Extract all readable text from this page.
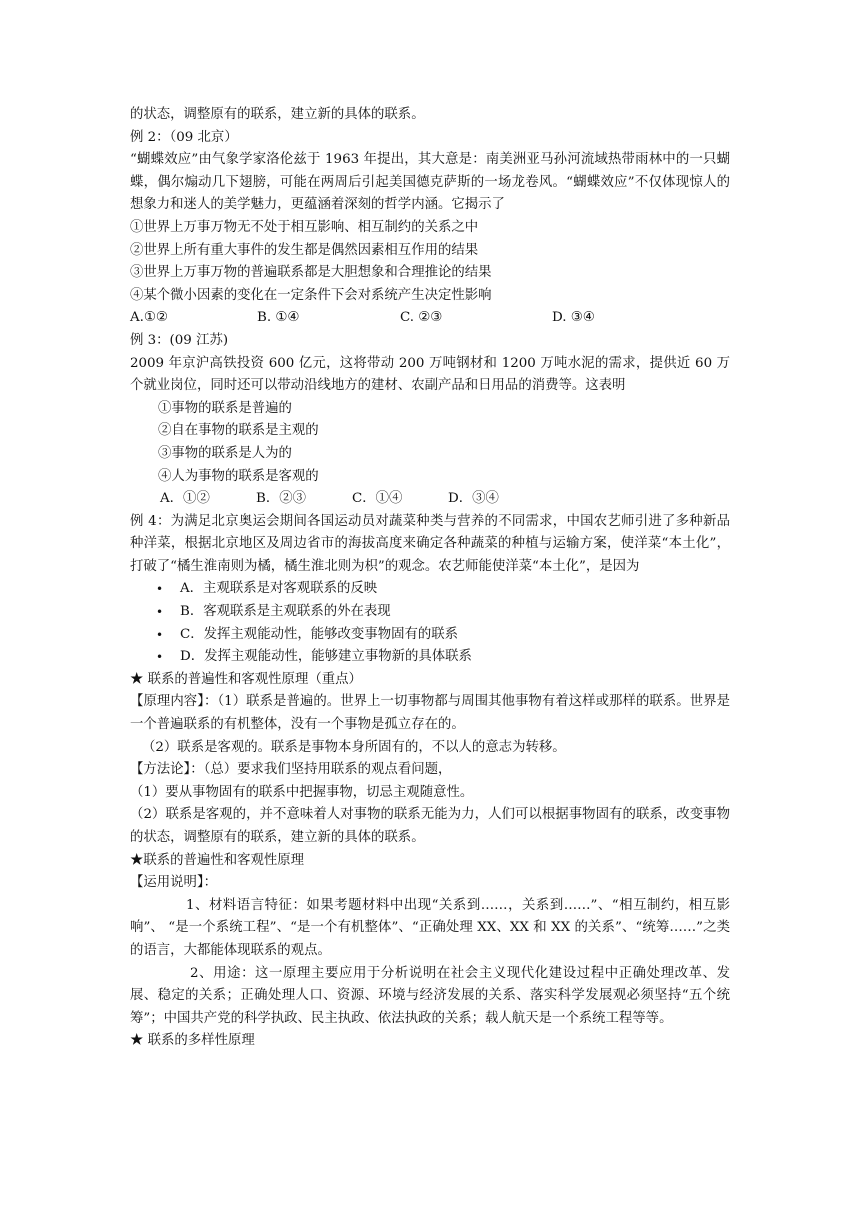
的状态，调整原有的联系，建立新的具体的联系。
例 2：（09 北京）
“蝴蝶效应”由气象学家洛伦兹于 1963 年提出，其大意是：南美洲亚马孙河流域热带雨林中的一只蝴蝶，偶尔煽动几下翅膀，可能在两周后引起美国德克萨斯的一场龙卷风。“蝴蝶效应”不仅体现惊人的想象力和迷人的美学魅力，更蕴涵着深刻的哲学内涵。它揭示了
①世界上万事万物无不处于相互影响、相互制约的关系之中
②世界上所有重大事件的发生都是偶然因素相互作用的结果
③世界上万事万物的普遍联系都是大胆想象和合理推论的结果
④某个微小因素的变化在一定条件下会对系统产生决定性影响
A.①②	B. ①④	C. ②③	D. ③④
例 3：(09 江苏)
2009 年京沪高铁投资 600 亿元，这将带动 200 万吨钢材和 1200 万吨水泥的需求，提供近 60 万个就业岗位，同时还可以带动沿线地方的建材、农副产品和日用品的消费等。这表明
①事物的联系是普遍的
②自在事物的联系是主观的
③事物的联系是人为的
④人为事物的联系是客观的
A．①②	B．②③	C．①④	D．③④
例 4：为满足北京奥运会期间各国运动员对蔬菜种类与营养的不同需求，中国农艺师引进了多种新品种洋菜，根据北京地区及周边省市的海拔高度来确定各种蔬菜的种植与运输方案，使洋菜“本土化”，打破了“橘生淮南则为橘，橘生淮北则为枳”的观念。农艺师能使洋菜“本土化”，是因为
•	A．主观联系是对客观联系的反映
•	B．客观联系是主观联系的外在表现
•	C．发挥主观能动性，能够改变事物固有的联系
•	D．发挥主观能动性，能够建立事物新的具体联系
★ 联系的普遍性和客观性原理（重点）
【原理内容】：（1）联系是普遍的。世界上一切事物都与周围其他事物有着这样或那样的联系。世界是一个普遍联系的有机整体，没有一个事物是孤立存在的。
（2）联系是客观的。联系是事物本身所固有的，不以人的意志为转移。
【方法论】：（总）要求我们坚持用联系的观点看问题，
（1）要从事物固有的联系中把握事物，切忌主观随意性。
（2）联系是客观的，并不意味着人对事物的联系无能为力，人们可以根据事物固有的联系，改变事物的状态，调整原有的联系，建立新的具体的联系。
★联系的普遍性和客观性原理
【运用说明】：
1、材料语言特征：如果考题材料中出现“关系到……，关系到……”、“相互制约，相互影响”、 “是一个系统工程”、“是一个有机整体”、“正确处理 XX、XX 和 XX 的关系”、“统筹……”之类的语言，大都能体现联系的观点。
2、用途：这一原理主要应用于分析说明在社会主义现代化建设过程中正确处理改革、发展、稳定的关系；正确处理人口、资源、环境与经济发展的关系、落实科学发展观必须坚持“五个统筹”；中国共产党的科学执政、民主执政、依法执政的关系；载人航天是一个系统工程等等。
★ 联系的多样性原理
